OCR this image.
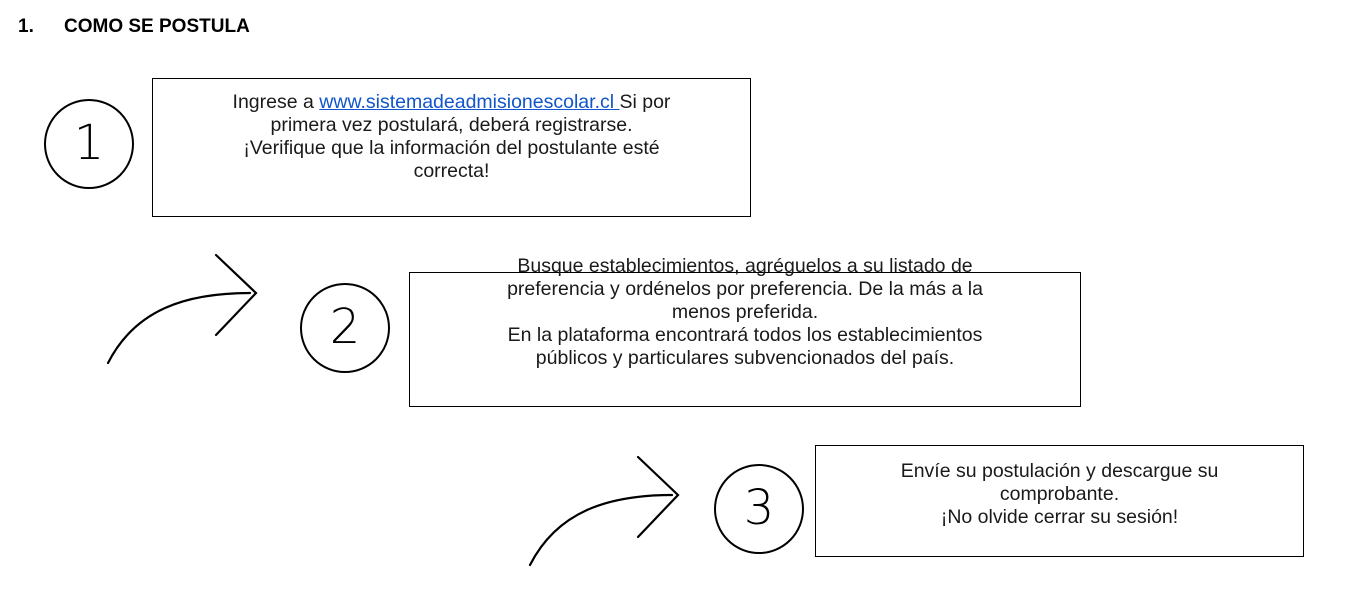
1. COMO SE POSTULA
1
Ingrese a www.sistemadeadmisionescolar.cl Si por
primera vez postulará, deberá registrarse.
¡Verifique que la información del postulante esté
correcta!
2
Busque establecimientos, agréguelos a su listado de
preferencia y ordénelos por preferencia. De la más a la
menos preferida.
En la plataforma encontrará todos los establecimientos
públicos y particulares subvencionados del país.
3
Envíe su postulación y descargue su
comprobante.
¡No olvide cerrar su sesión!
